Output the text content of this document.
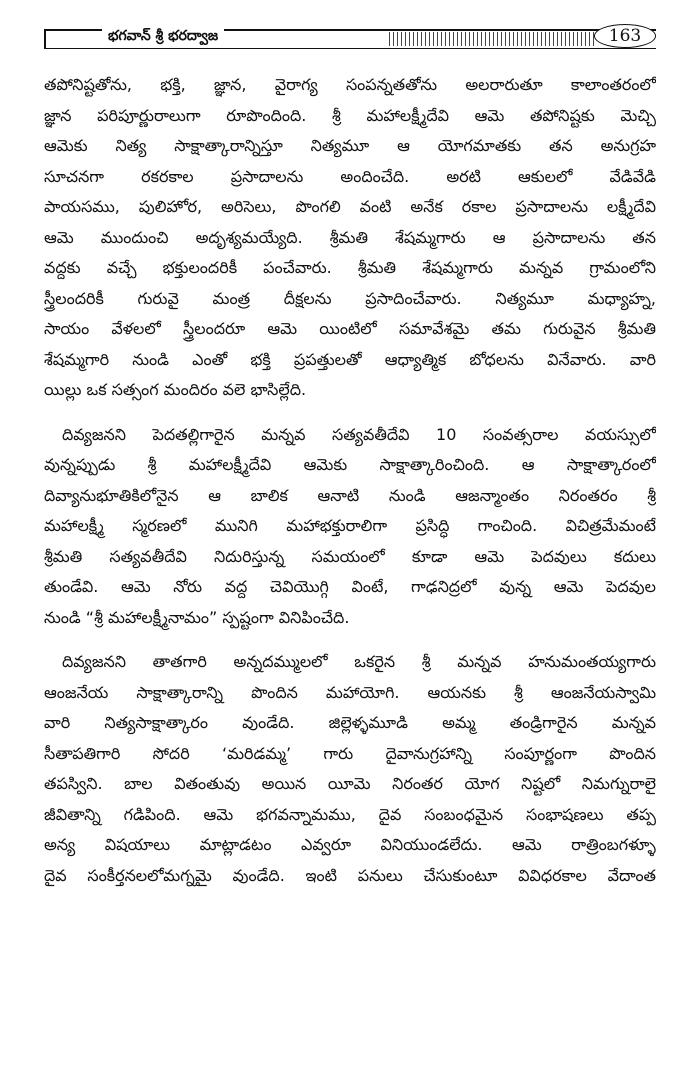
భగవాన్ శ్రీ భరద్వాజ	163

తపోనిష్టతోను, భక్తి, జ్ఞాన, వైరాగ్య సంపన్నతతోను అలరారుతూ కాలాంతరంలో

జ్ఞాన పరిపూర్ణురాలుగా రూపొందింది. శ్రీ మహాలక్ష్మీదేవి ఆమె తపోనిష్టకు మెచ్చి

ఆమెకు నిత్య సాక్షాత్కారాన్నిస్తూ నిత్యమూ ఆ యోగమాతకు తన అనుగ్రహ

సూచనగా రకరకాల ప్రసాదాలను అందించేది. అరటి ఆకులలో వేడివేడి

పాయసము, పులిహోర, అరిసెలు, పొంగలి వంటి అనేక రకాల ప్రసాదాలను లక్ష్మీదేవి

ఆమె ముందుంచి అదృశ్యమయ్యేది. శ్రీమతి శేషమ్మగారు ఆ ప్రసాదాలను తన

వద్దకు వచ్చే భక్తులందరికీ పంచేవారు. శ్రీమతి శేషమ్మగారు మన్నవ గ్రామంలోని

స్త్రీలందరికీ గురువై మంత్ర దీక్షలను ప్రసాదించేవారు. నిత్యమూ మధ్యాహ్న,

సాయం వేళలలో స్త్రీలందరూ ఆమె యింటిలో సమావేశమై తమ గురువైన శ్రీమతి

శేషమ్మగారి నుండి ఎంతో భక్తి ప్రపత్తులతో ఆధ్యాత్మిక బోధలను వినేవారు. వారి

యిల్లు ఒక సత్సంగ మందిరం వలె భాసిల్లేది.

దివ్యజనని పెదతల్లిగారైన మన్నవ సత్యవతీదేవి 10 సంవత్సరాల వయస్సులో

వున్నప్పుడు శ్రీ మహాలక్ష్మీదేవి ఆమెకు సాక్షాత్కారించింది. ఆ సాక్షాత్కారంలో

దివ్యానుభూతికిలోనైన ఆ బాలిక ఆనాటి నుండి ఆజన్మాంతం నిరంతరం శ్రీ

మహాలక్ష్మీ స్మరణలో మునిగి మహాభక్తురాలిగా ప్రసిద్ధి గాంచింది. విచిత్రమేమంటే

శ్రీమతి సత్యవతీదేవి నిదురిస్తున్న సమయంలో కూడా ఆమె పెదవులు కదులు

తుండేవి. ఆమె నోరు వద్ద చెవియొగ్గి వింటే, గాఢనిద్రలో వున్న ఆమె పెదవుల

నుండి “శ్రీ మహాలక్ష్మీనామం” స్పష్టంగా వినిపించేది.

దివ్యజనని తాతగారి అన్నదమ్ములలో ఒకరైన శ్రీ మన్నవ హనుమంతయ్యగారు

ఆంజనేయ సాక్షాత్కారాన్ని పొందిన మహాయోగి. ఆయనకు శ్రీ ఆంజనేయస్వామి

వారి నిత్యసాక్షాత్కారం వుండేది. జిల్లెళ్ళమూడి అమ్మ తండ్రిగారైన మన్నవ

సీతాపతిగారి సోదరి ‘మరిడమ్మ’ గారు దైవానుగ్రహాన్ని సంపూర్ణంగా పొందిన

తపస్విని. బాల వితంతువు అయిన యీమె నిరంతర యోగ నిష్టలో నిమగ్నురాలై

జీవితాన్ని గడిపింది. ఆమె భగవన్నామము, దైవ సంబంధమైన సంభాషణలు తప్ప

అన్య విషయాలు మాట్లాడటం ఎవ్వరూ వినియుండలేదు. ఆమె రాత్రింబగళ్ళూ

దైవ సంకీర్తనలలోమగ్నమై వుండేది. ఇంటి పనులు చేసుకుంటూ వివిధరకాల వేదాంత
